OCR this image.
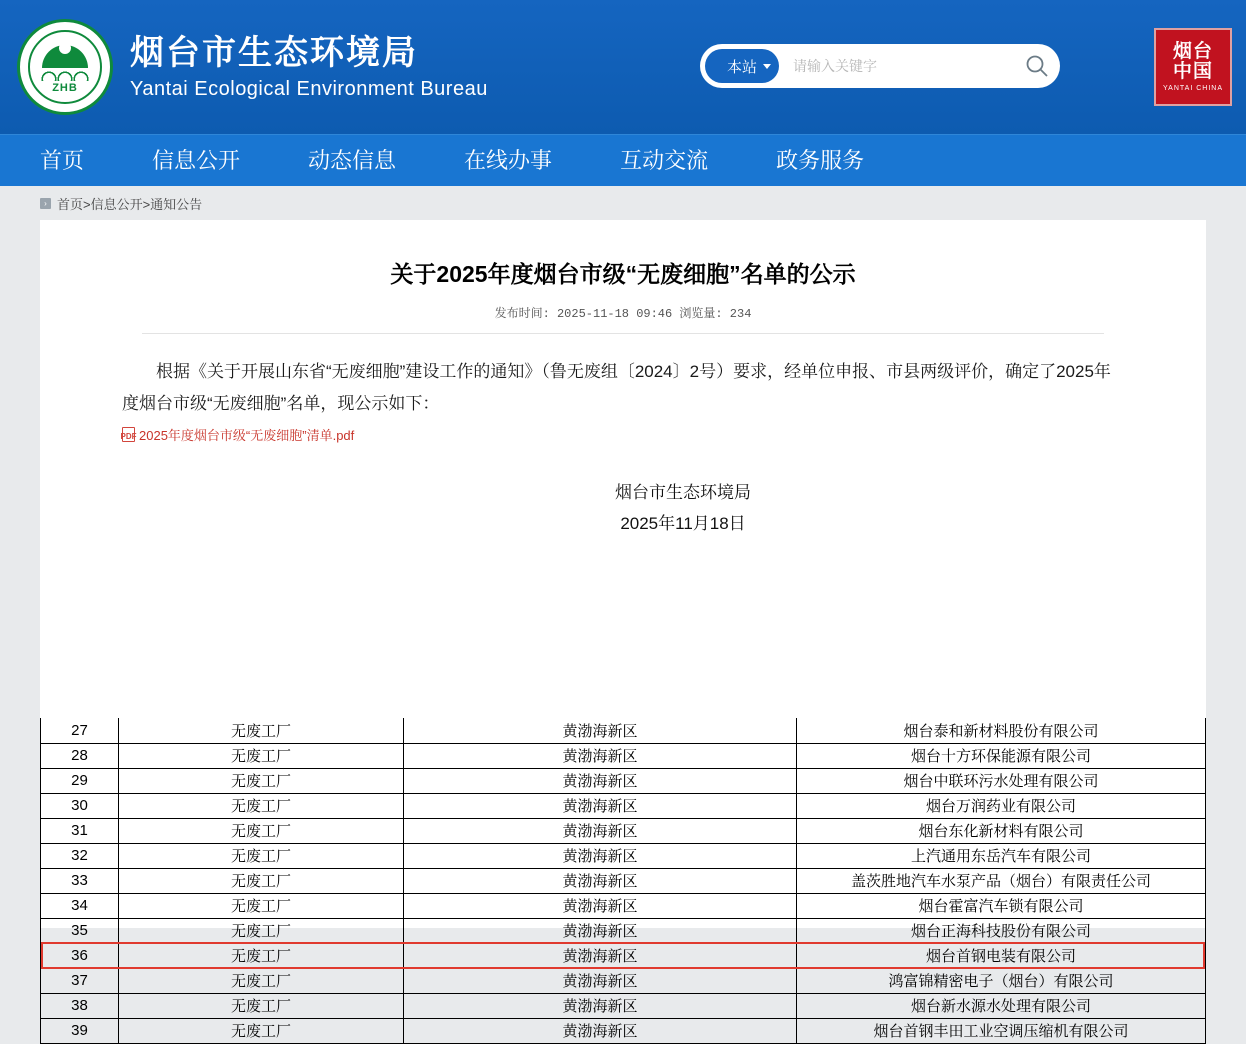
ZHB
烟台市生态环境局
Yantai Ecological Environment Bureau
本站
请输入关键字
烟台
中国
YANTAI CHINA
首页	信息公开	动态信息	在线办事	互动交流	政务服务
› 首页>信息公开>通知公告
关于2025年度烟台市级“无废细胞”名单的公示
发布时间: 2025-11-18 09:46 浏览量: 234

根据《关于开展山东省“无废细胞”建设工作的通知》（鲁无废组〔2024〕2号）要求，经单位申报、市县两级评价，确定了2025年度烟台市级“无废细胞”名单，现公示如下：

PDF 2025年度烟台市级“无废细胞”清单.pdf
烟台市生态环境局
2025年11月18日
27	无废工厂	黄渤海新区	烟台泰和新材料股份有限公司
28	无废工厂	黄渤海新区	烟台十方环保能源有限公司
29	无废工厂	黄渤海新区	烟台中联环污水处理有限公司
30	无废工厂	黄渤海新区	烟台万润药业有限公司
31	无废工厂	黄渤海新区	烟台东化新材料有限公司
32	无废工厂	黄渤海新区	上汽通用东岳汽车有限公司
33	无废工厂	黄渤海新区	盖茨胜地汽车水泵产品（烟台）有限责任公司
34	无废工厂	黄渤海新区	烟台霍富汽车锁有限公司
35	无废工厂	黄渤海新区	烟台正海科技股份有限公司
36	无废工厂	黄渤海新区	烟台首钢电装有限公司
37	无废工厂	黄渤海新区	鸿富锦精密电子（烟台）有限公司
38	无废工厂	黄渤海新区	烟台新水源水处理有限公司
39	无废工厂	黄渤海新区	烟台首钢丰田工业空调压缩机有限公司
